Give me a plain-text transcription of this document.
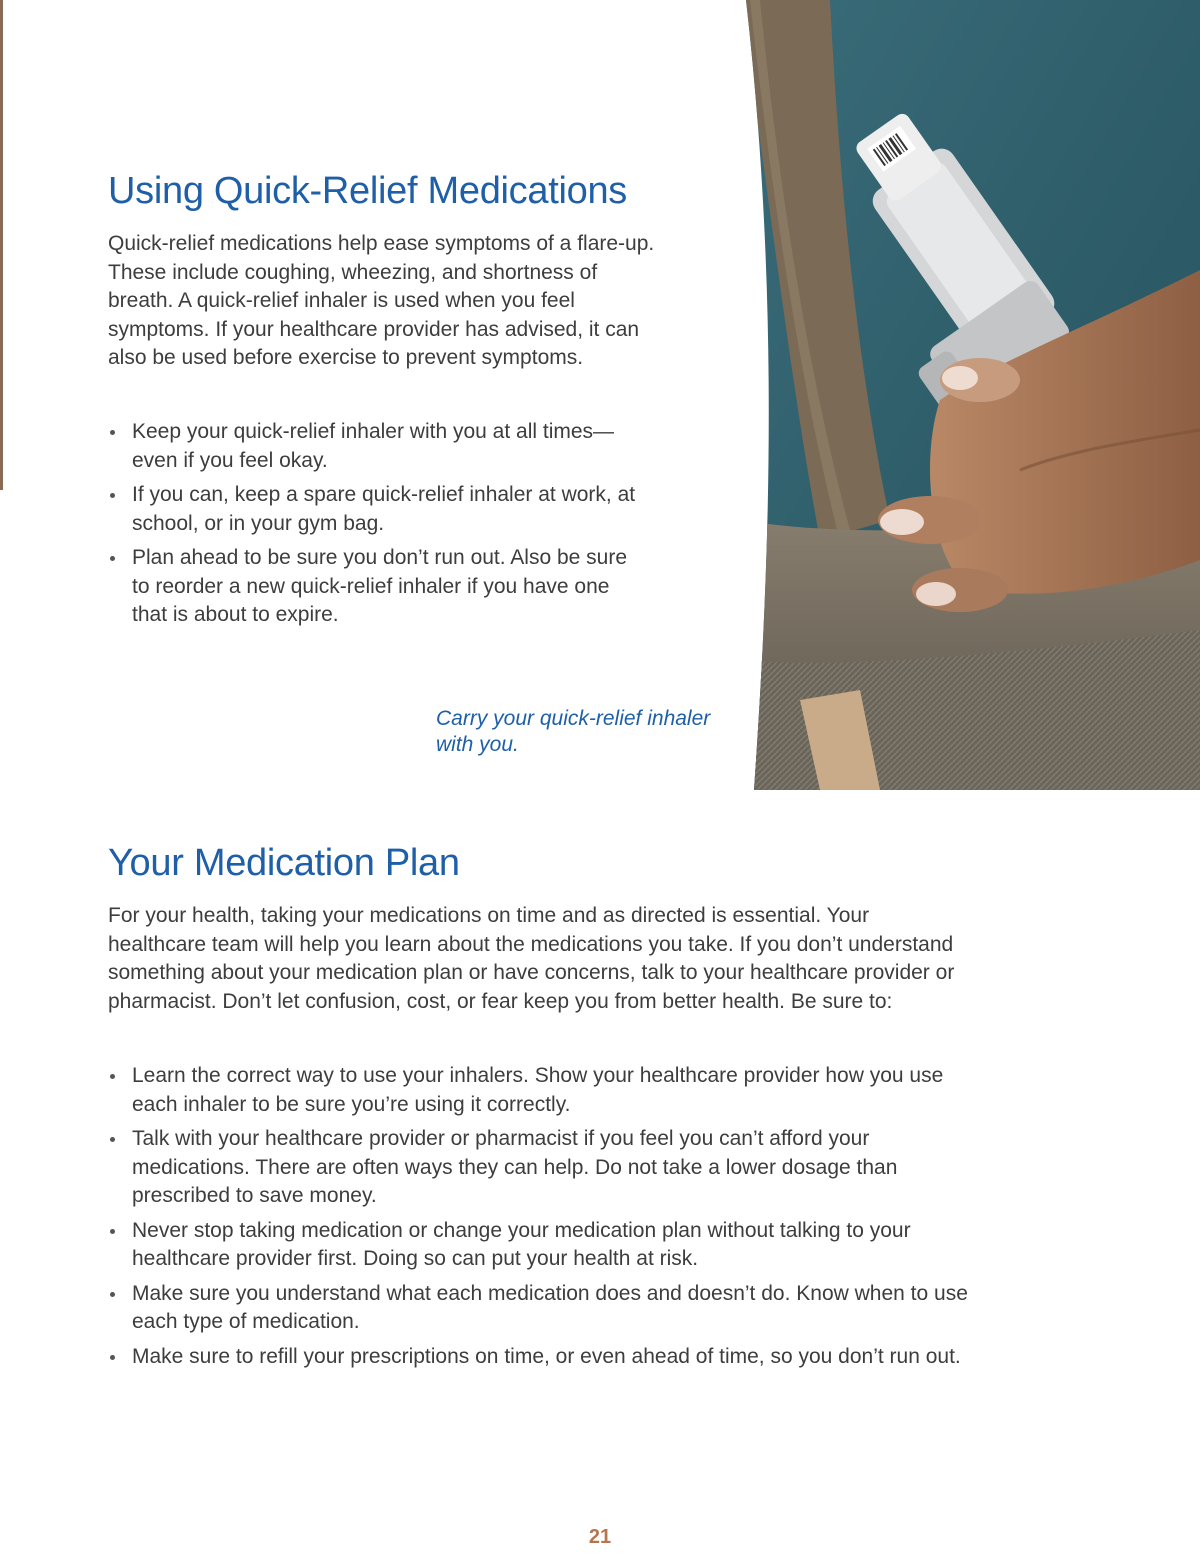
Using Quick-Relief Medications

Quick-relief medications help ease symptoms of a flare-up. These include coughing, wheezing, and shortness of breath. A quick-relief inhaler is used when you feel symptoms. If your healthcare provider has advised, it can also be used before exercise to prevent symptoms.

Keep your quick-relief inhaler with you at all times—even if you feel okay.
If you can, keep a spare quick-relief inhaler at work, at school, or in your gym bag.
Plan ahead to be sure you don’t run out. Also be sure to reorder a new quick-relief inhaler if you have one that is about to expire.

Carry your quick-relief inhaler with you.

Your Medication Plan

For your health, taking your medications on time and as directed is essential. Your healthcare team will help you learn about the medications you take. If you don’t understand something about your medication plan or have concerns, talk to your healthcare provider or pharmacist. Don’t let confusion, cost, or fear keep you from better health. Be sure to:

Learn the correct way to use your inhalers. Show your healthcare provider how you use each inhaler to be sure you’re using it correctly.
Talk with your healthcare provider or pharmacist if you feel you can’t afford your medications. There are often ways they can help. Do not take a lower dosage than prescribed to save money.
Never stop taking medication or change your medication plan without talking to your healthcare provider first. Doing so can put your health at risk.
Make sure you understand what each medication does and doesn’t do. Know when to use each type of medication.
Make sure to refill your prescriptions on time, or even ahead of time, so you don’t run out.
21
